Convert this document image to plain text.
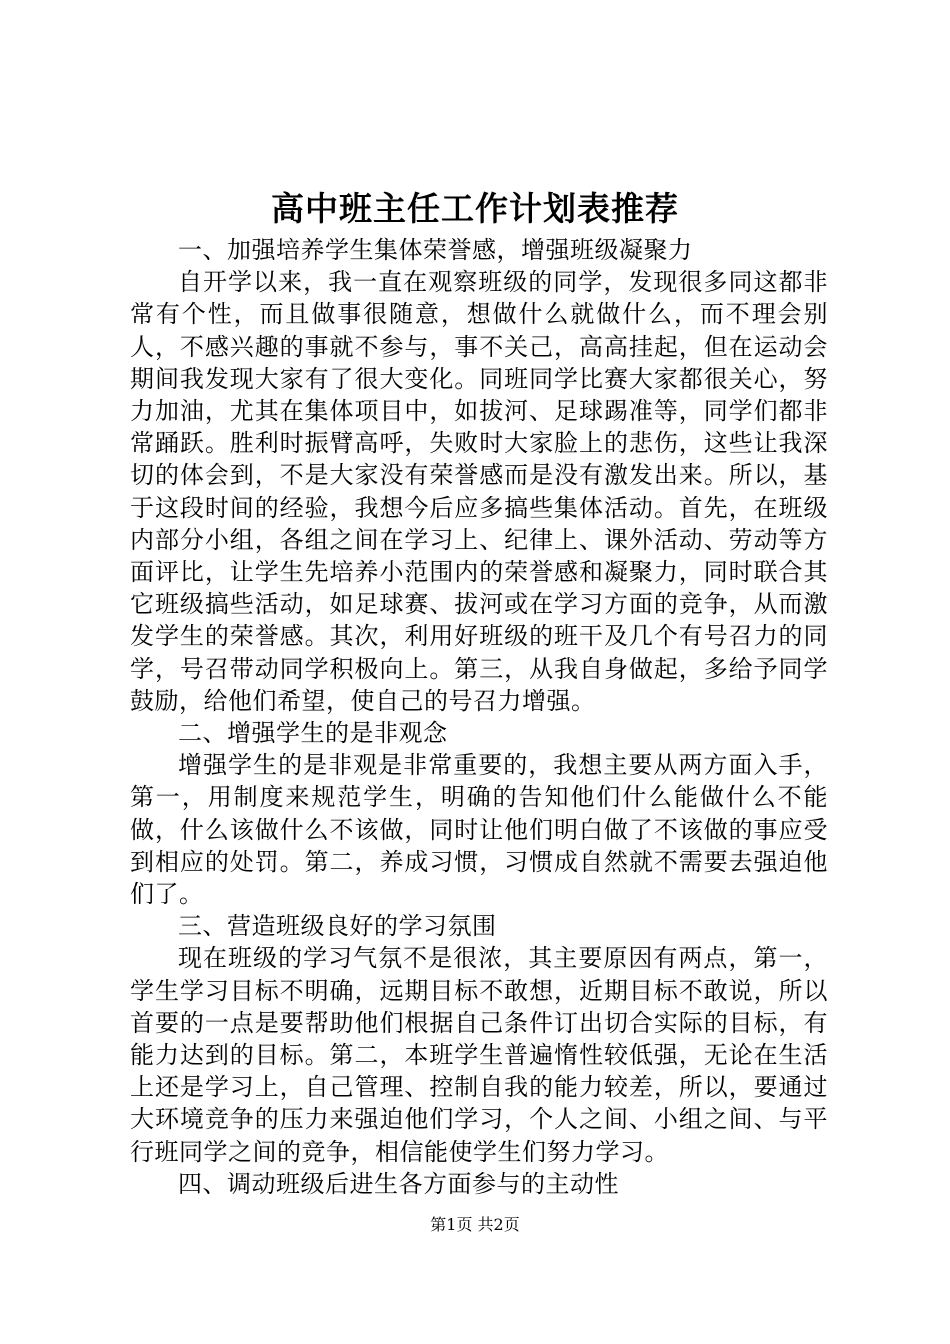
高中班主任工作计划表推荐

一、加强培养学生集体荣誉感，增强班级凝聚力

自开学以来，我一直在观察班级的同学，发现很多同这都非常有个性，而且做事很随意，想做什么就做什么，而不理会别人，不感兴趣的事就不参与，事不关己，高高挂起，但在运动会期间我发现大家有了很大变化。同班同学比赛大家都很关心，努力加油，尤其在集体项目中，如拔河、足球踢准等，同学们都非常踊跃。胜利时振臂高呼，失败时大家脸上的悲伤，这些让我深切的体会到，不是大家没有荣誉感而是没有激发出来。所以，基于这段时间的经验，我想今后应多搞些集体活动。首先，在班级内部分小组，各组之间在学习上、纪律上、课外活动、劳动等方面评比，让学生先培养小范围内的荣誉感和凝聚力，同时联合其它班级搞些活动，如足球赛、拔河或在学习方面的竞争，从而激发学生的荣誉感。其次，利用好班级的班干及几个有号召力的同学，号召带动同学积极向上。第三，从我自身做起，多给予同学鼓励，给他们希望，使自己的号召力增强。

二、增强学生的是非观念

增强学生的是非观是非常重要的，我想主要从两方面入手，第一，用制度来规范学生，明确的告知他们什么能做什么不能做，什么该做什么不该做，同时让他们明白做了不该做的事应受到相应的处罚。第二，养成习惯，习惯成自然就不需要去强迫他们了。

三、营造班级良好的学习氛围

现在班级的学习气氛不是很浓，其主要原因有两点，第一，学生学习目标不明确，远期目标不敢想，近期目标不敢说，所以首要的一点是要帮助他们根据自己条件订出切合实际的目标，有能力达到的目标。第二，本班学生普遍惰性较低强，无论在生活上还是学习上，自己管理、控制自我的能力较差，所以，要通过大环境竞争的压力来强迫他们学习，个人之间、小组之间、与平行班同学之间的竞争，相信能使学生们努力学习。

四、调动班级后进生各方面参与的主动性

第1页 共2页
